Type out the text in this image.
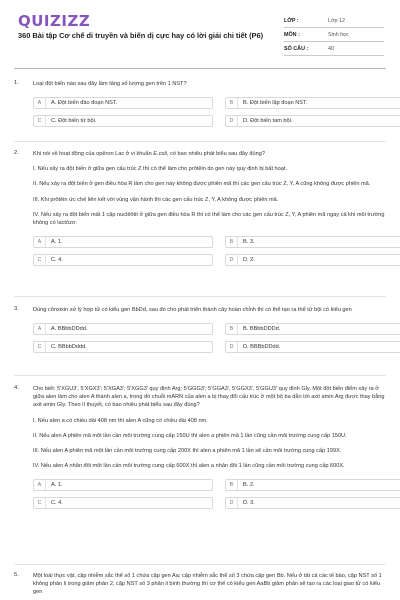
QUIZIZZ
360 Bài tập Cơ chế di truyền và biến dị cực hay có lời giải chi tiết (P6)
LỚP :	Lớp 12
MÔN :	Sinh học
SỐ CÂU :	40
1.	Loại đột biến nào sau đây làm tăng số lượng gen trên 1 NST?
A	A. Đột biến đảo đoạn NST.	B	B. Đột biến lặp đoạn NST.
C	C. Đột biến tứ bội.	D	D. Đột biến tam bội.
2.	Khi nói về hoạt động của opêron Lac ở vi khuẩn E.coli, có bao nhiêu phát biểu sau đây đúng?
I. Nếu xảy ra đột biến ở giữa gen cấu trúc Z thì có thể làm cho prôtêin do gen này quy định bị bất hoạt.
II. Nếu xảy ra đột biến ở gen điều hòa R làm cho gen này không được phiên mã thì các gen cấu trúc Z, Y, A cũng không được phiên mã.
III. Khi prôtêin ức chế liên kết với vùng vận hành thì các gen cấu trúc Z, Y, A không được phiên mã.
IV. Nếu xảy ra đột biến mất 1 cặp nuclêôtit ở giữa gen điều hòa R thì có thể làm cho các gen cấu trúc Z, Y, A phiên mã ngay cả khi môi trường không có lactôzơ.
A	A. 1.	B	B. 3.
C	C. 4.	D	D. 2.
3.	Dùng cônsixin xử lý hợp tử có kiểu gen BbDd, sau đó cho phát triển thành cây hoàn chỉnh thì có thể tạo ra thể tứ bội có kiểu gen
A	A. BBbbDDdd.	B	B. BBbbDDDd.
C	C. BBbbDddd.	D	D. BBBbDDdd.
4.	Cho biết: 5'XGU3', 5'XGX3'; 5'XGA3'; 5'XGG3' quy định Arg; 5'GGG3'; 5'GGA3', 5'GGX3', 5'GGU3' quy định Gly. Một đột biến điểm xảy ra ở giữa alen làm cho alen A thành alen a, trong đó chuỗi mARN của alen a bị thay đổi cấu trúc ở một bộ ba dẫn tới axit amin Arg được thay bằng axit amin Gly. Theo lí thuyết, có bao nhiêu phát biểu sau đây đúng?
I. Nếu alen a có chiều dài 408 nm thì alen A cũng có chiều dài 408 nm.
II. Nếu alen A phiên mã một lần cần môi trường cung cấp 150U thì alen a phiên mã 1 lần cũng cần môi trường cung cấp 150U.
III. Nếu alen A phiên mã một lần cần môi trường cung cấp 200X thì alen a phiên mã 1 lần sẽ cần môi trường cung cấp 199X.
IV. Nếu alen A nhân đôi một lần cần môi trường cung cấp 600X thì alen a nhân đôi 1 lần cũng cần môi trường cung cấp 600X.
A	A. 1.	B	B. 2.
C	C. 4.	D	D. 3.
5.	Một loài thực vật, cặp nhiễm sắc thể số 1 chứa cặp gen Aa; cặp nhiễm sắc thể số 3 chứa cặp gen Bb. Nếu ở tất cả các tế bào, cặp NST số 1 không phân li trong giảm phân 2, cặp NST số 3 phân li bình thường thì cơ thể có kiểu gen AaBb giảm phân sẽ tạo ra các loại giao tử có kiểu gen
